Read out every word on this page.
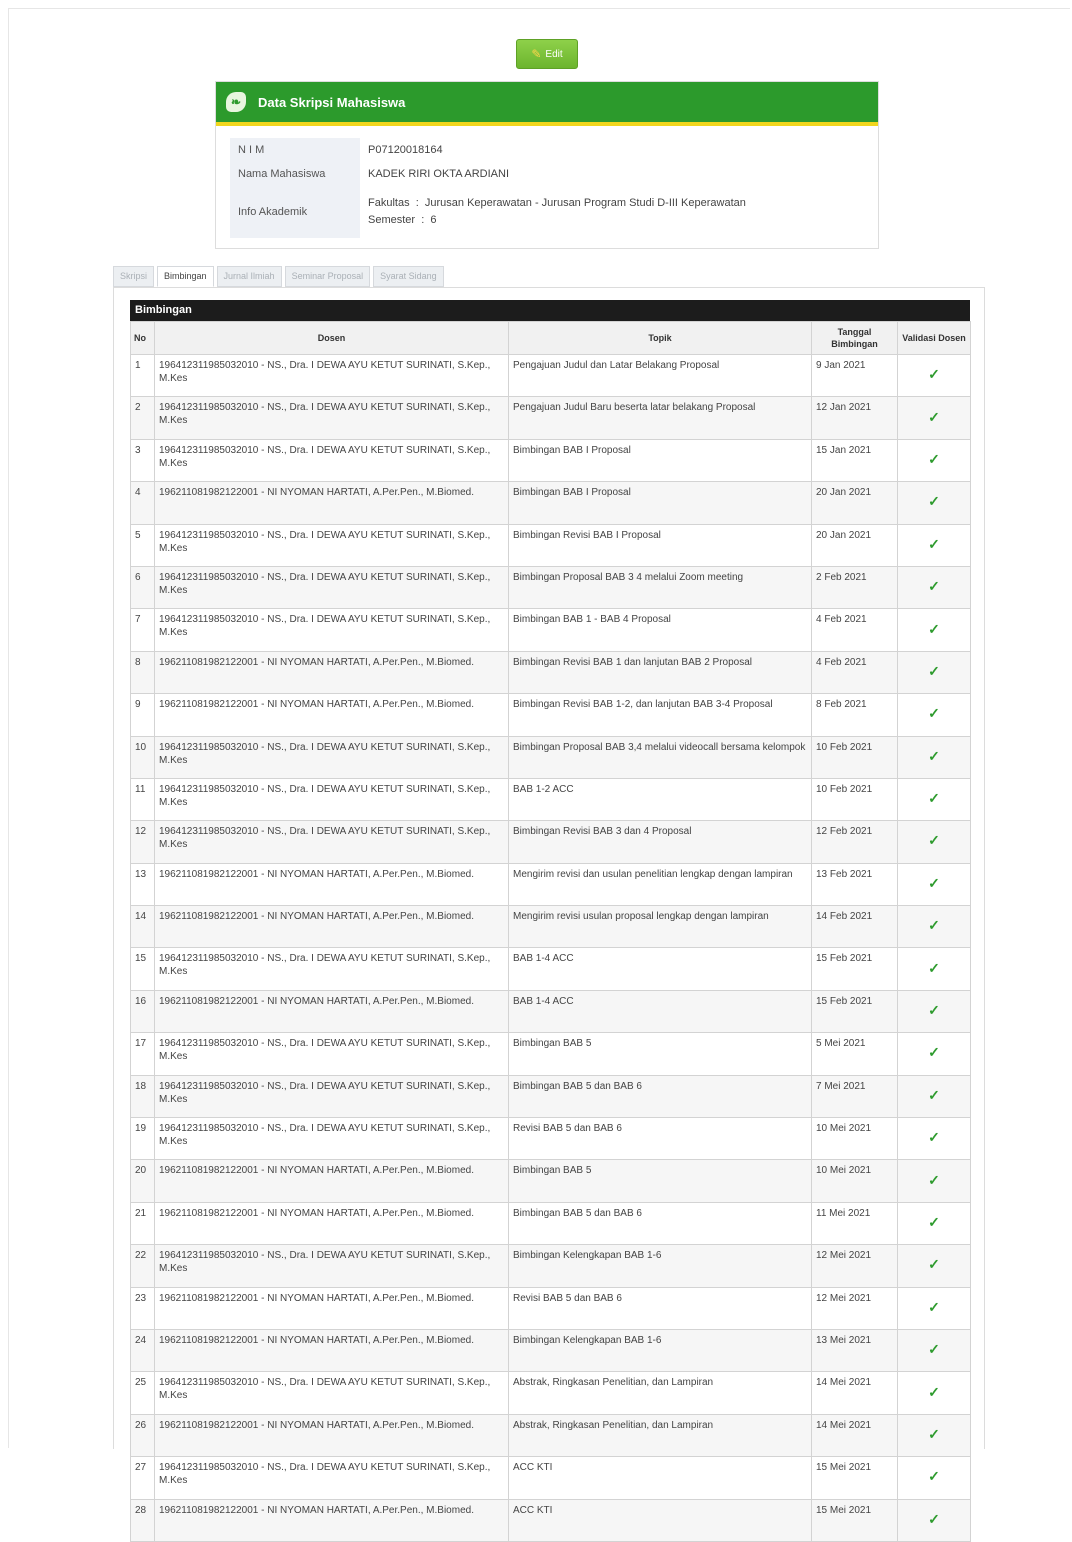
✎ Edit
❧	Data Skripsi Mahasiswa
N I M	P07120018164
Nama Mahasiswa	KADEK RIRI OKTA ARDIANI
Info Akademik	Fakultas  :  Jurusan Keperawatan - Jurusan Program Studi D-III Keperawatan
Semester  :  6
Skripsi	Bimbingan	Jurnal Ilmiah	Seminar Proposal	Syarat Sidang
Bimbingan
No	Dosen	Topik	Tanggal Bimbingan	Validasi Dosen
1	196412311985032010 - NS., Dra. I DEWA AYU KETUT SURINATI, S.Kep., M.Kes	Pengajuan Judul dan Latar Belakang Proposal	9 Jan 2021	✓
2	196412311985032010 - NS., Dra. I DEWA AYU KETUT SURINATI, S.Kep., M.Kes	Pengajuan Judul Baru beserta latar belakang Proposal	12 Jan 2021	✓
3	196412311985032010 - NS., Dra. I DEWA AYU KETUT SURINATI, S.Kep., M.Kes	Bimbingan BAB I Proposal	15 Jan 2021	✓
4	196211081982122001 - NI NYOMAN HARTATI, A.Per.Pen., M.Biomed.	Bimbingan BAB I Proposal	20 Jan 2021	✓
5	196412311985032010 - NS., Dra. I DEWA AYU KETUT SURINATI, S.Kep., M.Kes	Bimbingan Revisi BAB I Proposal	20 Jan 2021	✓
6	196412311985032010 - NS., Dra. I DEWA AYU KETUT SURINATI, S.Kep., M.Kes	Bimbingan Proposal BAB 3 4 melalui Zoom meeting	2 Feb 2021	✓
7	196412311985032010 - NS., Dra. I DEWA AYU KETUT SURINATI, S.Kep., M.Kes	Bimbingan BAB 1 - BAB 4 Proposal	4 Feb 2021	✓
8	196211081982122001 - NI NYOMAN HARTATI, A.Per.Pen., M.Biomed.	Bimbingan Revisi BAB 1 dan lanjutan BAB 2 Proposal	4 Feb 2021	✓
9	196211081982122001 - NI NYOMAN HARTATI, A.Per.Pen., M.Biomed.	Bimbingan Revisi BAB 1-2, dan lanjutan BAB 3-4 Proposal	8 Feb 2021	✓
10	196412311985032010 - NS., Dra. I DEWA AYU KETUT SURINATI, S.Kep., M.Kes	Bimbingan Proposal BAB 3,4 melalui videocall bersama kelompok	10 Feb 2021	✓
11	196412311985032010 - NS., Dra. I DEWA AYU KETUT SURINATI, S.Kep., M.Kes	BAB 1-2 ACC	10 Feb 2021	✓
12	196412311985032010 - NS., Dra. I DEWA AYU KETUT SURINATI, S.Kep., M.Kes	Bimbingan Revisi BAB 3 dan 4 Proposal	12 Feb 2021	✓
13	196211081982122001 - NI NYOMAN HARTATI, A.Per.Pen., M.Biomed.	Mengirim revisi dan usulan penelitian lengkap dengan lampiran	13 Feb 2021	✓
14	196211081982122001 - NI NYOMAN HARTATI, A.Per.Pen., M.Biomed.	Mengirim revisi usulan proposal lengkap dengan lampiran	14 Feb 2021	✓
15	196412311985032010 - NS., Dra. I DEWA AYU KETUT SURINATI, S.Kep., M.Kes	BAB 1-4 ACC	15 Feb 2021	✓
16	196211081982122001 - NI NYOMAN HARTATI, A.Per.Pen., M.Biomed.	BAB 1-4 ACC	15 Feb 2021	✓
17	196412311985032010 - NS., Dra. I DEWA AYU KETUT SURINATI, S.Kep., M.Kes	Bimbingan BAB 5	5 Mei 2021	✓
18	196412311985032010 - NS., Dra. I DEWA AYU KETUT SURINATI, S.Kep., M.Kes	Bimbingan BAB 5 dan BAB 6	7 Mei 2021	✓
19	196412311985032010 - NS., Dra. I DEWA AYU KETUT SURINATI, S.Kep., M.Kes	Revisi BAB 5 dan BAB 6	10 Mei 2021	✓
20	196211081982122001 - NI NYOMAN HARTATI, A.Per.Pen., M.Biomed.	Bimbingan BAB 5	10 Mei 2021	✓
21	196211081982122001 - NI NYOMAN HARTATI, A.Per.Pen., M.Biomed.	Bimbingan BAB 5 dan BAB 6	11 Mei 2021	✓
22	196412311985032010 - NS., Dra. I DEWA AYU KETUT SURINATI, S.Kep., M.Kes	Bimbingan Kelengkapan BAB 1-6	12 Mei 2021	✓
23	196211081982122001 - NI NYOMAN HARTATI, A.Per.Pen., M.Biomed.	Revisi BAB 5 dan BAB 6	12 Mei 2021	✓
24	196211081982122001 - NI NYOMAN HARTATI, A.Per.Pen., M.Biomed.	Bimbingan Kelengkapan BAB 1-6	13 Mei 2021	✓
25	196412311985032010 - NS., Dra. I DEWA AYU KETUT SURINATI, S.Kep., M.Kes	Abstrak, Ringkasan Penelitian, dan Lampiran	14 Mei 2021	✓
26	196211081982122001 - NI NYOMAN HARTATI, A.Per.Pen., M.Biomed.	Abstrak, Ringkasan Penelitian, dan Lampiran	14 Mei 2021	✓
27	196412311985032010 - NS., Dra. I DEWA AYU KETUT SURINATI, S.Kep., M.Kes	ACC KTI	15 Mei 2021	✓
28	196211081982122001 - NI NYOMAN HARTATI, A.Per.Pen., M.Biomed.	ACC KTI	15 Mei 2021	✓
